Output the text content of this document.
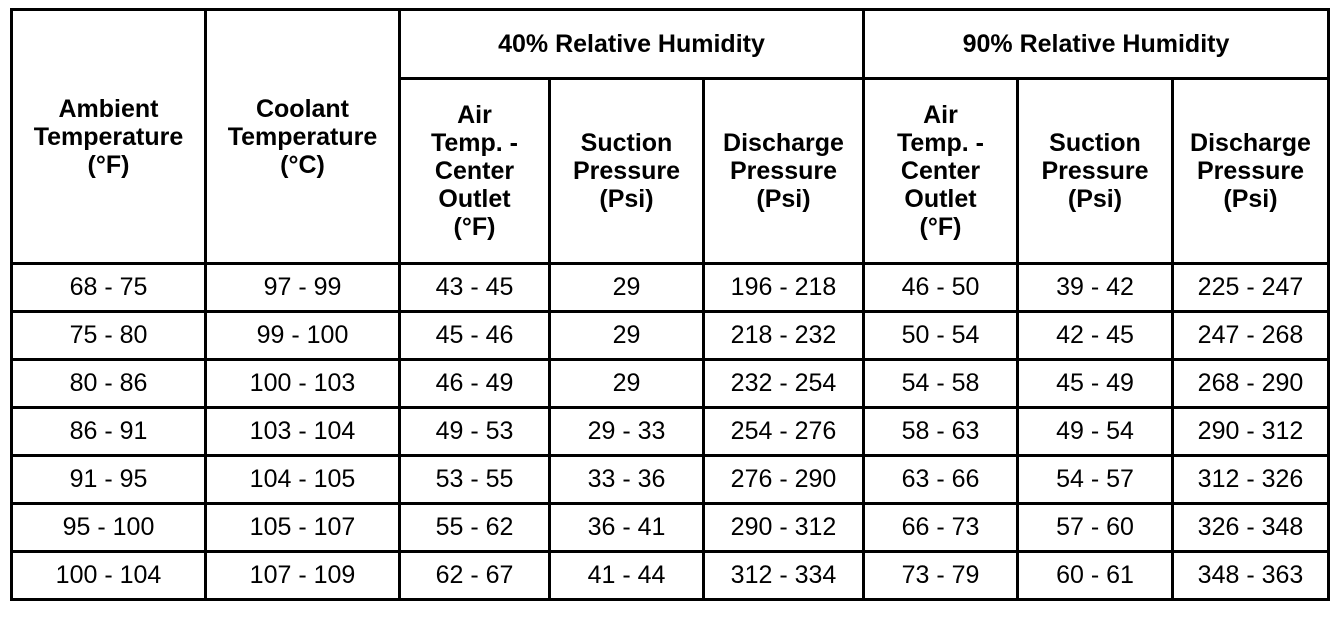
Ambient
Temperature
(°F)	Coolant
Temperature
(°C)	40% Relative Humidity			90% Relative Humidity		

		Air
Temp. -
Center
Outlet
(°F)	Suction
Pressure
(Psi)	Discharge
Pressure
(Psi)	Air
Temp. -
Center
Outlet
(°F)	Suction
Pressure
(Psi)	Discharge
Pressure
(Psi)

68 - 75	97 - 99	43 - 45	29	196 - 218	46 - 50	39 - 42	225 - 247
75 - 80	99 - 100	45 - 46	29	218 - 232	50 - 54	42 - 45	247 - 268
80 - 86	100 - 103	46 - 49	29	232 - 254	54 - 58	45 - 49	268 - 290
86 - 91	103 - 104	49 - 53	29 - 33	254 - 276	58 - 63	49 - 54	290 - 312
91 - 95	104 - 105	53 - 55	33 - 36	276 - 290	63 - 66	54 - 57	312 - 326
95 - 100	105 - 107	55 - 62	36 - 41	290 - 312	66 - 73	57 - 60	326 - 348
100 - 104	107 - 109	62 - 67	41 - 44	312 - 334	73 - 79	60 - 61	348 - 363
